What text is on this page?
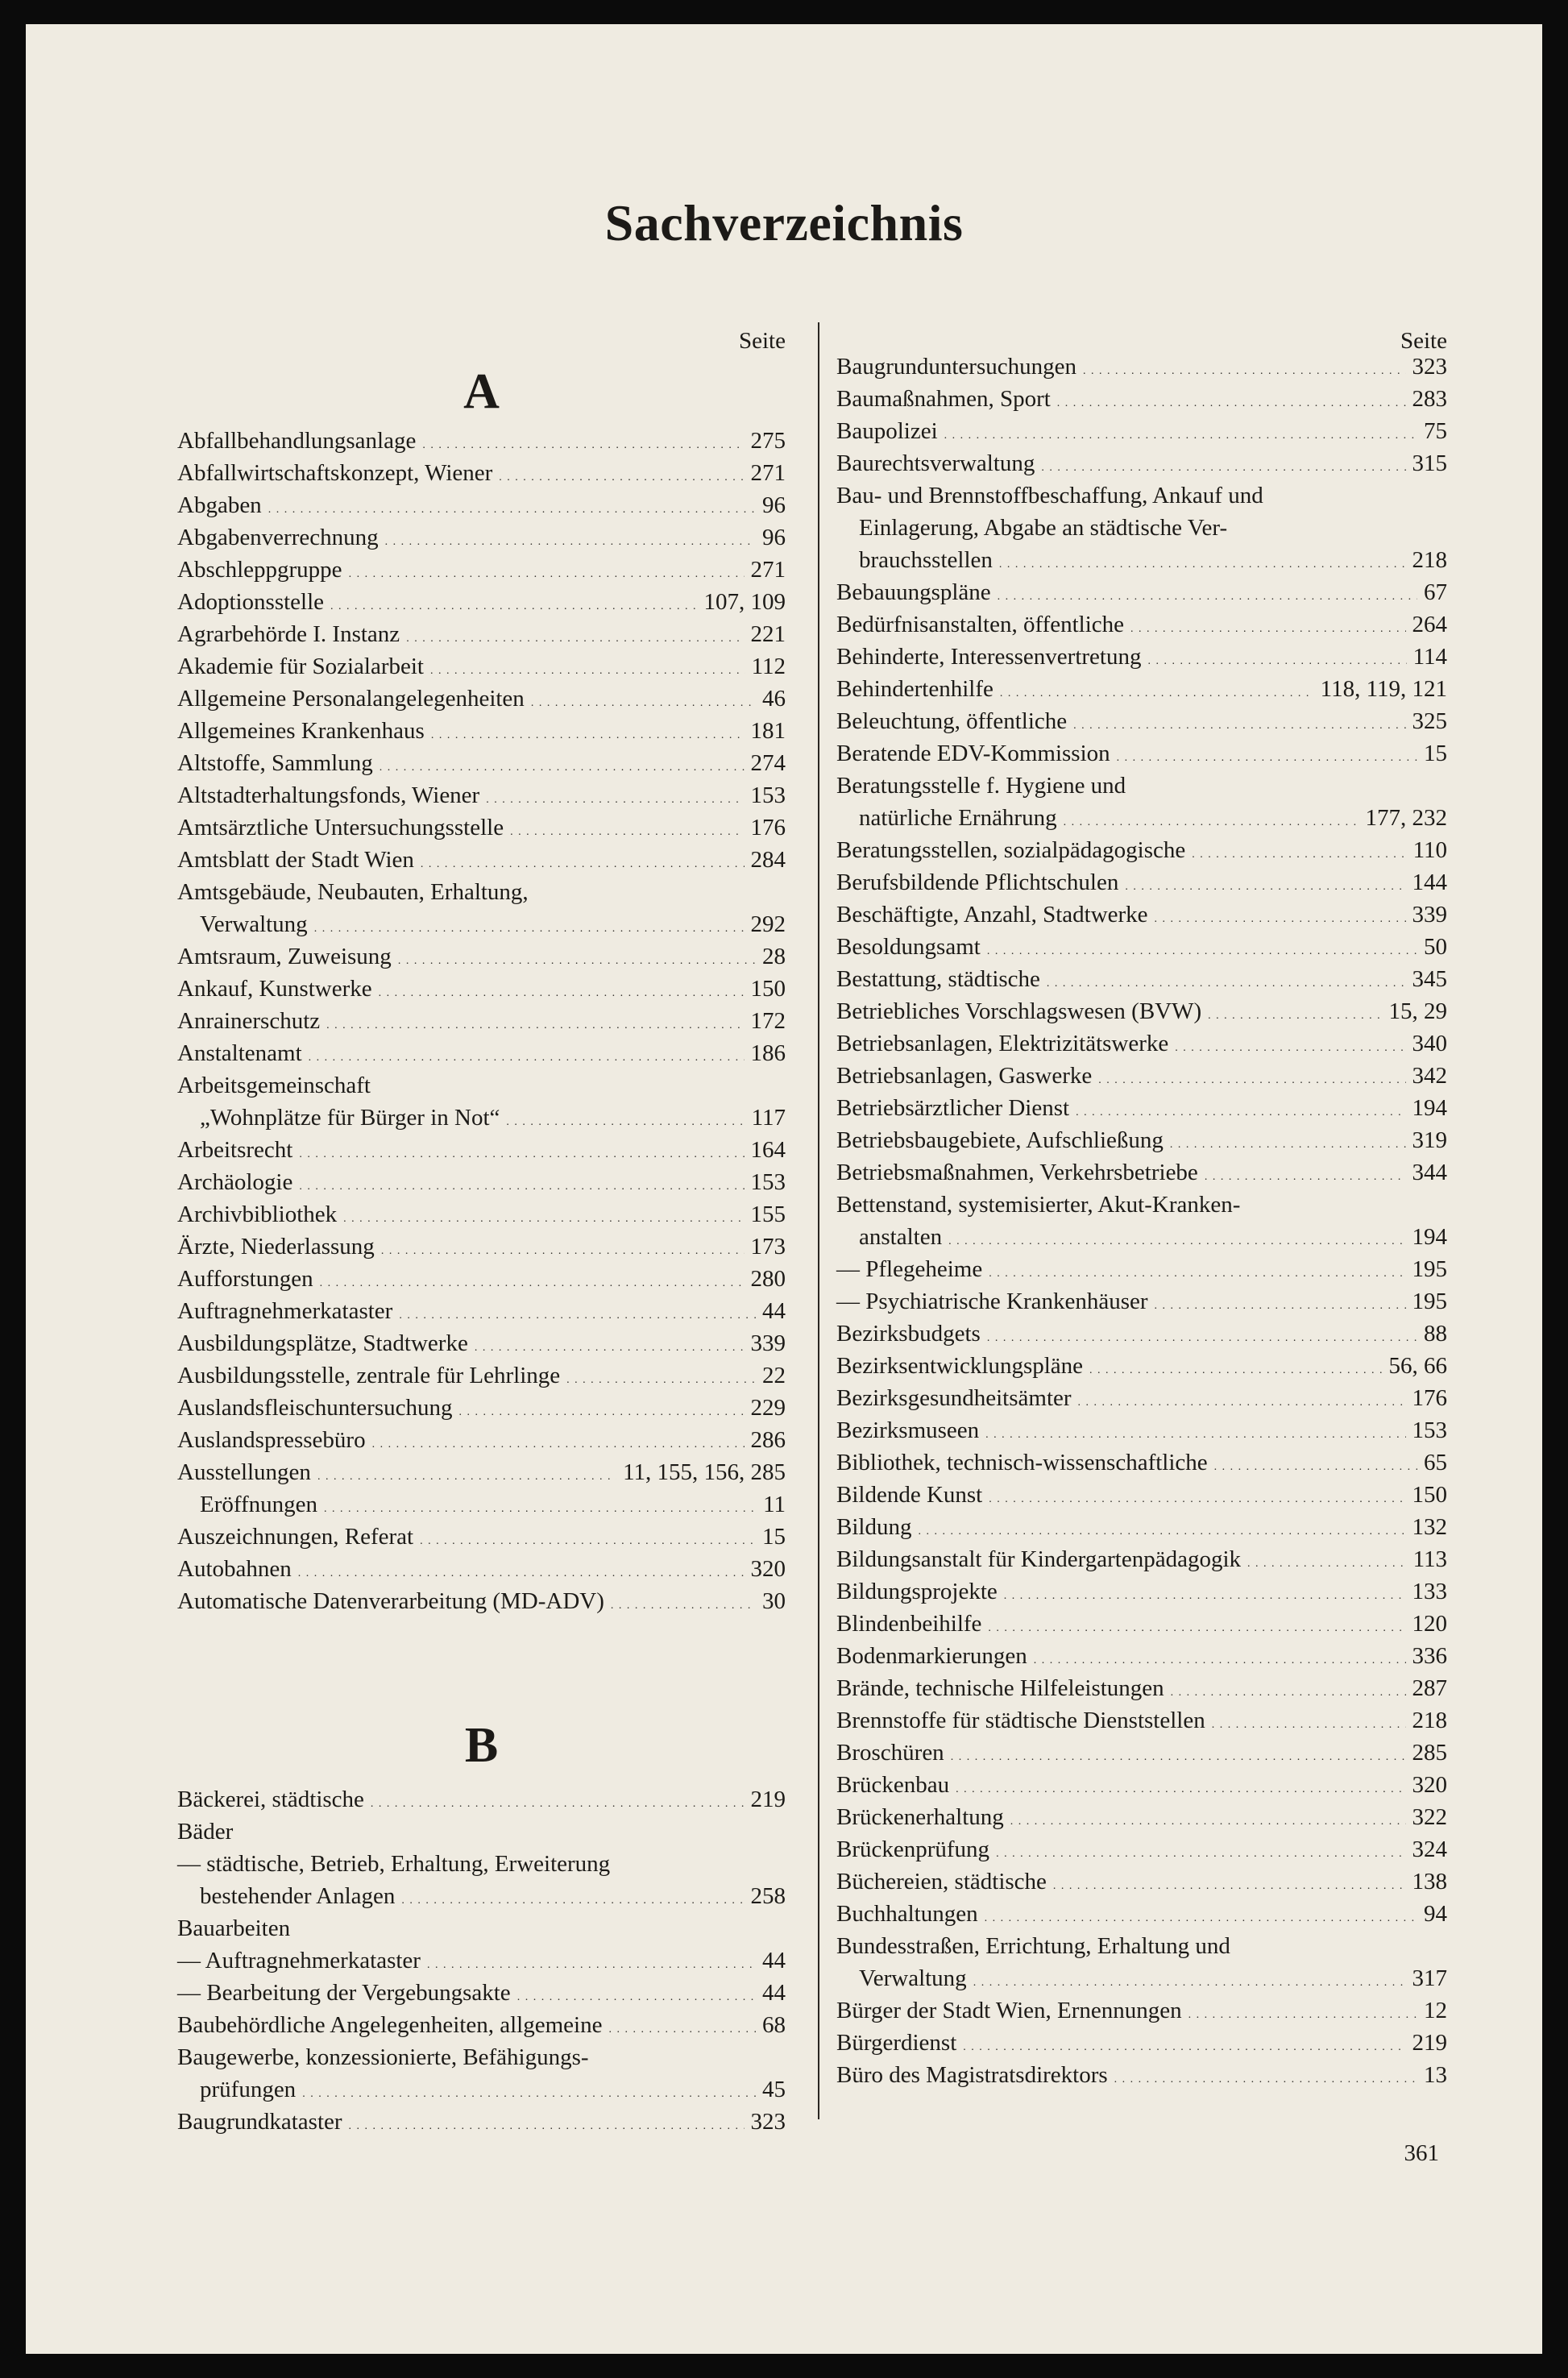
Sachverzeichnis
Seite
A
Abfallbehandlungsanlage . . .	275
Abfallwirtschaftskonzept, Wiener . . .	271
Abgaben . . .	96
Abgabenverrechnung . . .	96
Abschleppgruppe . . .	271
Adoptionsstelle . . .	107, 109
Agrarbehörde I. Instanz . . .	221
Akademie für Sozialarbeit . . .	112
Allgemeine Personalangelegenheiten . . .	46
Allgemeines Krankenhaus . . .	181
Altstoffe, Sammlung . . .	274
Altstadterhaltungsfonds, Wiener . . .	153
Amtsärztliche Untersuchungsstelle . . .	176
Amtsblatt der Stadt Wien . . .	284
Amtsgebäude, Neubauten, Erhaltung,
Verwaltung . . .	292
Amtsraum, Zuweisung . . .	28
Ankauf, Kunstwerke . . .	150
Anrainerschutz . . .	172
Anstaltenamt . . .	186
Arbeitsgemeinschaft
„Wohnplätze für Bürger in Not“ . . .	117
Arbeitsrecht . . .	164
Archäologie . . .	153
Archivbibliothek . . .	155
Ärzte, Niederlassung . . .	173
Aufforstungen . . .	280
Auftragnehmerkataster . . .	44
Ausbildungsplätze, Stadtwerke . . .	339
Ausbildungsstelle, zentrale für Lehrlinge . . .	22
Auslandsfleischuntersuchung . . .	229
Auslandspressebüro . . .	286
Ausstellungen . . .	11, 155, 156, 285
Eröffnungen . . .	11
Auszeichnungen, Referat . . .	15
Autobahnen . . .	320
Automatische Datenverarbeitung (MD-ADV) . . .	30
B
Bäckerei, städtische . . .	219
Bäder
— städtische, Betrieb, Erhaltung, Erweiterung
bestehender Anlagen . . .	258
Bauarbeiten
— Auftragnehmerkataster . . .	44
— Bearbeitung der Vergebungsakte . . .	44
Baubehördliche Angelegenheiten, allgemeine . . .	68
Baugewerbe, konzessionierte, Befähigungs-
prüfungen . . .	45
Baugrundkataster . . .	323
Seite
Baugrunduntersuchungen . . .	323
Baumaßnahmen, Sport . . .	283
Baupolizei . . .	75
Baurechtsverwaltung . . .	315
Bau- und Brennstoffbeschaffung, Ankauf und
Einlagerung, Abgabe an städtische Ver-
brauchsstellen . . .	218
Bebauungspläne . . .	67
Bedürfnisanstalten, öffentliche . . .	264
Behinderte, Interessenvertretung . . .	114
Behindertenhilfe . . .	118, 119, 121
Beleuchtung, öffentliche . . .	325
Beratende EDV-Kommission . . .	15
Beratungsstelle f. Hygiene und
natürliche Ernährung . . .	177, 232
Beratungsstellen, sozialpädagogische . . .	110
Berufsbildende Pflichtschulen . . .	144
Beschäftigte, Anzahl, Stadtwerke . . .	339
Besoldungsamt . . .	50
Bestattung, städtische . . .	345
Betriebliches Vorschlagswesen (BVW) . . .	15, 29
Betriebsanlagen, Elektrizitätswerke . . .	340
Betriebsanlagen, Gaswerke . . .	342
Betriebsärztlicher Dienst . . .	194
Betriebsbaugebiete, Aufschließung . . .	319
Betriebsmaßnahmen, Verkehrsbetriebe . . .	344
Bettenstand, systemisierter, Akut-Kranken-
anstalten . . .	194
— Pflegeheime . . .	195
— Psychiatrische Krankenhäuser . . .	195
Bezirksbudgets . . .	88
Bezirksentwicklungspläne . . .	56, 66
Bezirksgesundheitsämter . . .	176
Bezirksmuseen . . .	153
Bibliothek, technisch-wissenschaftliche . . .	65
Bildende Kunst . . .	150
Bildung . . .	132
Bildungsanstalt für Kindergartenpädagogik . . .	113
Bildungsprojekte . . .	133
Blindenbeihilfe . . .	120
Bodenmarkierungen . . .	336
Brände, technische Hilfeleistungen . . .	287
Brennstoffe für städtische Dienststellen . . .	218
Broschüren . . .	285
Brückenbau . . .	320
Brückenerhaltung . . .	322
Brückenprüfung . . .	324
Büchereien, städtische . . .	138
Buchhaltungen . . .	94
Bundesstraßen, Errichtung, Erhaltung und
Verwaltung . . .	317
Bürger der Stadt Wien, Ernennungen . . .	12
Bürgerdienst . . .	219
Büro des Magistratsdirektors . . .	13
361
